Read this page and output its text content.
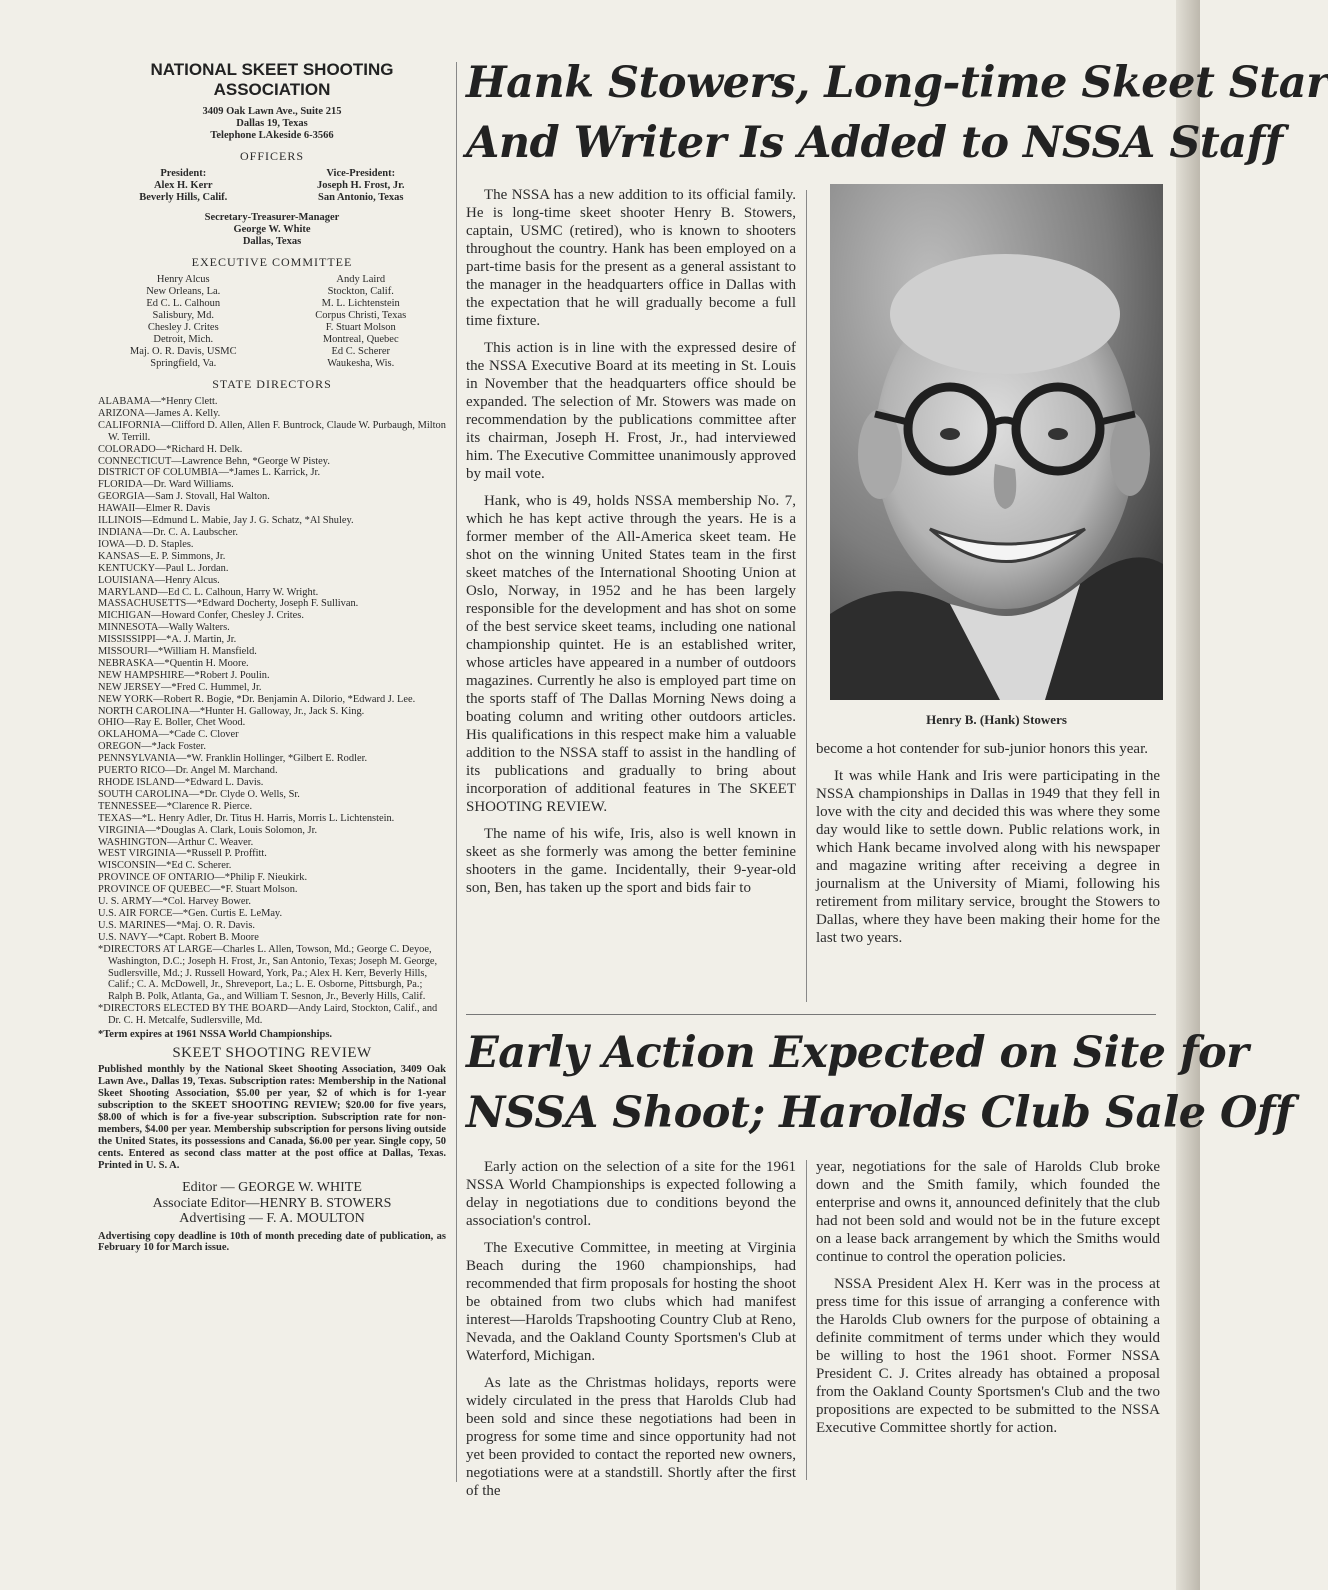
NATIONAL SKEET SHOOTING
ASSOCIATION

3409 Oak Lawn Ave., Suite 215
Dallas 19, Texas
Telephone LAkeside 6-3566
OFFICERS
President:
Alex H. Kerr
Beverly Hills, Calif.
Vice-President:
Joseph H. Frost, Jr.
San Antonio, Texas
Secretary-Treasurer-Manager
George W. White
Dallas, Texas
EXECUTIVE COMMITTEE
Henry Alcus
New Orleans, La.
Ed C. L. Calhoun
Salisbury, Md.
Chesley J. Crites
Detroit, Mich.
Maj. O. R. Davis, USMC
Springfield, Va.
Andy Laird
Stockton, Calif.
M. L. Lichtenstein
Corpus Christi, Texas
F. Stuart Molson
Montreal, Quebec
Ed C. Scherer
Waukesha, Wis.
STATE DIRECTORS

ALABAMA—*Henry Clett.

ARIZONA—James A. Kelly.

CALIFORNIA—Clifford D. Allen, Allen F. Buntrock, Claude W. Purbaugh, Milton W. Terrill.

COLORADO—*Richard H. Delk.

CONNECTICUT—Lawrence Behn, *George W Pistey.

DISTRICT OF COLUMBIA—*James L. Karrick, Jr.

FLORIDA—Dr. Ward Williams.

GEORGIA—Sam J. Stovall, Hal Walton.

HAWAII—Elmer R. Davis

ILLINOIS—Edmund L. Mabie, Jay J. G. Schatz, *Al Shuley.

INDIANA—Dr. C. A. Laubscher.

IOWA—D. D. Staples.

KANSAS—E. P. Simmons, Jr.

KENTUCKY—Paul L. Jordan.

LOUISIANA—Henry Alcus.

MARYLAND—Ed C. L. Calhoun, Harry W. Wright.

MASSACHUSETTS—*Edward Docherty, Joseph F. Sullivan.

MICHIGAN—Howard Confer, Chesley J. Crites.

MINNESOTA—Wally Walters.

MISSISSIPPI—*A. J. Martin, Jr.

MISSOURI—*William H. Mansfield.

NEBRASKA—*Quentin H. Moore.

NEW HAMPSHIRE—*Robert J. Poulin.

NEW JERSEY—*Fred C. Hummel, Jr.

NEW YORK—Robert R. Bogie, *Dr. Benjamin A. Dilorio, *Edward J. Lee.

NORTH CAROLINA—*Hunter H. Galloway, Jr., Jack S. King.

OHIO—Ray E. Boller, Chet Wood.

OKLAHOMA—*Cade C. Clover

OREGON—*Jack Foster.

PENNSYLVANIA—*W. Franklin Hollinger, *Gilbert E. Rodler.

PUERTO RICO—Dr. Angel M. Marchand.

RHODE ISLAND—*Edward L. Davis.

SOUTH CAROLINA—*Dr. Clyde O. Wells, Sr.

TENNESSEE—*Clarence R. Pierce.

TEXAS—*L. Henry Adler, Dr. Titus H. Harris, Morris L. Lichtenstein.

VIRGINIA—*Douglas A. Clark, Louis Solomon, Jr.

WASHINGTON—Arthur C. Weaver.

WEST VIRGINIA—*Russell P. Proffitt.

WISCONSIN—*Ed C. Scherer.

PROVINCE OF ONTARIO—*Philip F. Nieukirk.

PROVINCE OF QUEBEC—*F. Stuart Molson.

U. S. ARMY—*Col. Harvey Bower.

U.S. AIR FORCE—*Gen. Curtis E. LeMay.

U.S. MARINES—*Maj. O. R. Davis.

U.S. NAVY—*Capt. Robert B. Moore

*DIRECTORS AT LARGE—Charles L. Allen, Towson, Md.; George C. Deyoe, Washington, D.C.; Joseph H. Frost, Jr., San Antonio, Texas; Joseph M. George, Sudlersville, Md.; J. Russell Howard, York, Pa.; Alex H. Kerr, Beverly Hills, Calif.; C. A. McDowell, Jr., Shreveport, La.; L. E. Osborne, Pittsburgh, Pa.; Ralph B. Polk, Atlanta, Ga., and William T. Sesnon, Jr., Beverly Hills, Calif.

*DIRECTORS ELECTED BY THE BOARD—Andy Laird, Stockton, Calif., and Dr. C. H. Metcalfe, Sudlersville, Md.

*Term expires at 1961 NSSA World Championships.

SKEET SHOOTING REVIEW

Published monthly by the National Skeet Shooting Association, 3409 Oak Lawn Ave., Dallas 19, Texas. Subscription rates: Membership in the National Skeet Shooting Association, $5.00 per year, $2 of which is for 1-year subscription to the SKEET SHOOTING REVIEW; $20.00 for five years, $8.00 of which is for a five-year subscription. Subscription rate for non-members, $4.00 per year. Membership subscription for persons living outside the United States, its possessions and Canada, $6.00 per year. Single copy, 50 cents. Entered as second class matter at the post office at Dallas, Texas. Printed in U. S. A.

Editor — GEORGE W. WHITE
Associate Editor—HENRY B. STOWERS
Advertising — F. A. MOULTON

Advertising copy deadline is 10th of month preceding date of publication, as February 10 for March issue.

Hank Stowers, Long-time Skeet Star
And Writer Is Added to NSSA Staff

The NSSA has a new addition to its official family. He is long-time skeet shooter Henry B. Stowers, captain, USMC (retired), who is known to shooters throughout the country. Hank has been employed on a part-time basis for the present as a general assistant to the manager in the headquarters office in Dallas with the expectation that he will gradually become a full time fixture.

This action is in line with the expressed desire of the NSSA Executive Board at its meeting in St. Louis in November that the headquarters office should be expanded. The selection of Mr. Stowers was made on recommendation by the publications committee after its chairman, Joseph H. Frost, Jr., had interviewed him. The Executive Committee unanimously approved by mail vote.

Hank, who is 49, holds NSSA membership No. 7, which he has kept active through the years. He is a former member of the All-America skeet team. He shot on the winning United States team in the first skeet matches of the International Shooting Union at Oslo, Norway, in 1952 and he has been largely responsible for the development and has shot on some of the best service skeet teams, including one national championship quintet. He is an established writer, whose articles have appeared in a number of outdoors magazines. Currently he also is employed part time on the sports staff of The Dallas Morning News doing a boating column and writing other outdoors articles. His qualifications in this respect make him a valuable addition to the NSSA staff to assist in the handling of its publications and gradually to bring about incorporation of additional features in The SKEET SHOOTING REVIEW.

The name of his wife, Iris, also is well known in skeet as she formerly was among the better feminine shooters in the game. Incidentally, their 9-year-old son, Ben, has taken up the sport and bids fair to

Henry B. (Hank) Stowers

become a hot contender for sub-junior honors this year.

It was while Hank and Iris were participating in the NSSA championships in Dallas in 1949 that they fell in love with the city and decided this was where they some day would like to settle down. Public relations work, in which Hank became involved along with his newspaper and magazine writing after receiving a degree in journalism at the University of Miami, following his retirement from military service, brought the Stowers to Dallas, where they have been making their home for the last two years.

Early Action Expected on Site for
NSSA Shoot; Harolds Club Sale Off

Early action on the selection of a site for the 1961 NSSA World Championships is expected following a delay in negotiations due to conditions beyond the association's control.

The Executive Committee, in meeting at Virginia Beach during the 1960 championships, had recommended that firm proposals for hosting the shoot be obtained from two clubs which had manifest interest—Harolds Trapshooting Country Club at Reno, Nevada, and the Oakland County Sportsmen's Club at Waterford, Michigan.

As late as the Christmas holidays, reports were widely circulated in the press that Harolds Club had been sold and since these negotiations had been in progress for some time and since opportunity had not yet been provided to contact the reported new owners, negotiations were at a standstill. Shortly after the first of the

year, negotiations for the sale of Harolds Club broke down and the Smith family, which founded the enterprise and owns it, announced definitely that the club had not been sold and would not be in the future except on a lease back arrangement by which the Smiths would continue to control the operation policies.

NSSA President Alex H. Kerr was in the process at press time for this issue of arranging a conference with the Harolds Club owners for the purpose of obtaining a definite commitment of terms under which they would be willing to host the 1961 shoot. Former NSSA President C. J. Crites already has obtained a proposal from the Oakland County Sportsmen's Club and the two propositions are expected to be submitted to the NSSA Executive Committee shortly for action.
